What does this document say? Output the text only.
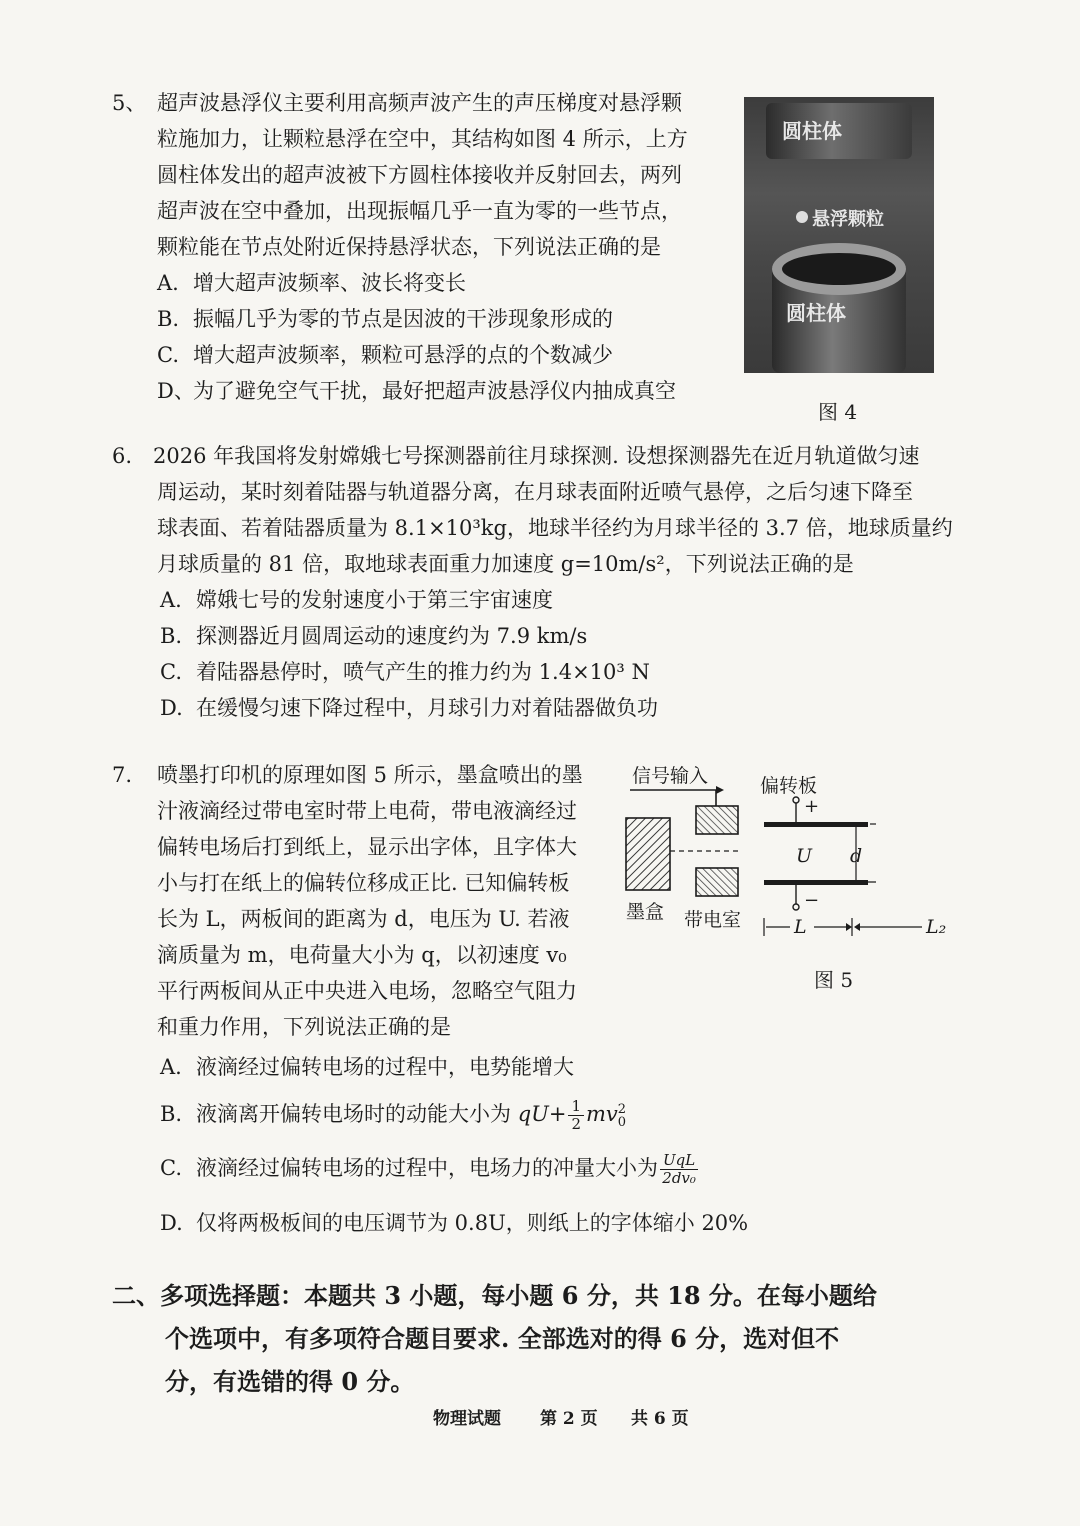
5、 超声波悬浮仪主要利用高频声波产生的声压梯度对悬浮颗
粒施加力，让颗粒悬浮在空中，其结构如图 4 所示，上方
圆柱体发出的超声波被下方圆柱体接收并反射回去，两列
超声波在空中叠加，出现振幅几乎一直为零的一些节点，
颗粒能在节点处附近保持悬浮状态，下列说法正确的是
A. 增大超声波频率、波长将变长
B. 振幅几乎为零的节点是因波的干涉现象形成的
C. 增大超声波频率，颗粒可悬浮的点的个数减少
D、为了避免空气干扰，最好把超声波悬浮仪内抽成真空
圆柱体
悬浮颗粒
圆柱体
图 4
6. 2026 年我国将发射嫦娥七号探测器前往月球探测. 设想探测器先在近月轨道做匀速
周运动，某时刻着陆器与轨道器分离，在月球表面附近喷气悬停，之后匀速下降至
球表面、若着陆器质量为 8.1×10³kg，地球半径约为月球半径的 3.7 倍，地球质量约
月球质量的 81 倍，取地球表面重力加速度 g=10m/s²，下列说法正确的是
A. 嫦娥七号的发射速度小于第三宇宙速度
B. 探测器近月圆周运动的速度约为 7.9 km/s
C. 着陆器悬停时，喷气产生的推力约为 1.4×10³ N
D. 在缓慢匀速下降过程中，月球引力对着陆器做负功
7. 喷墨打印机的原理如图 5 所示，墨盒喷出的墨
汁液滴经过带电室时带上电荷，带电液滴经过
偏转电场后打到纸上，显示出字体，且字体大
小与打在纸上的偏转位移成正比. 已知偏转板
长为 L，两板间的距离为 d，电压为 U. 若液
滴质量为 m，电荷量大小为 q，以初速度 v₀
平行两板间从正中央进入电场，忽略空气阻力
和重力作用，下列说法正确的是
信号输入	偏转板
+
−
U d
墨盒 带电室	L	L₂
图 5
A. 液滴经过偏转电场的过程中，电势能增大
B. 液滴离开偏转电场时的动能大小为 $qU+ \frac{1}{2}$ mv 2
0
C. 液滴经过偏转电场的过程中，电场力的冲量大小为 $\frac{\text{UqL}}{\text{2dv₀}}$
D. 仅将两极板间的电压调节为 0.8U，则纸上的字体缩小 20%
二、多项选择题：本题共 3 小题，每小题 6 分，共 18 分。在每小题给
个选项中，有多项符合题目要求. 全部选对的得 6 分，选对但不
分，有选错的得 0 分。
物理试题 第 2 页 共 6 页
